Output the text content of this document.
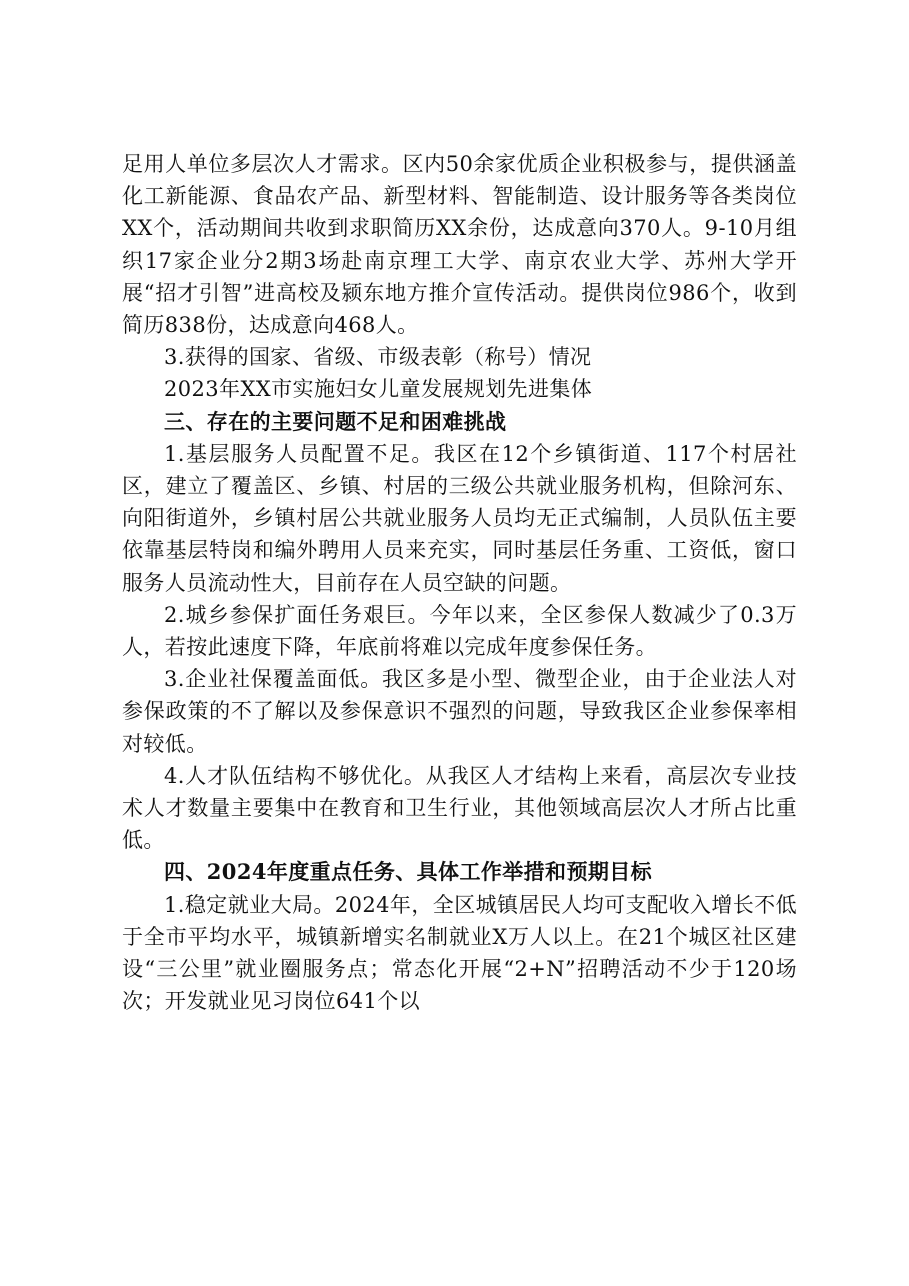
足用人单位多层次人才需求。区内50余家优质企业积极参与，提供涵盖化工新能源、食品农产品、新型材料、智能制造、设计服务等各类岗位XX个，活动期间共收到求职简历XX余份，达成意向370人。9-10月组织17家企业分2期3场赴南京理工大学、南京农业大学、苏州大学开展“招才引智”进高校及颍东地方推介宣传活动。提供岗位986个，收到简历838份，达成意向468人。

3.获得的国家、省级、市级表彰（称号）情况

2023年XX市实施妇女儿童发展规划先进集体

三、存在的主要问题不足和困难挑战

1.基层服务人员配置不足。我区在12个乡镇街道、117个村居社区，建立了覆盖区、乡镇、村居的三级公共就业服务机构，但除河东、向阳街道外，乡镇村居公共就业服务人员均无正式编制，人员队伍主要依靠基层特岗和编外聘用人员来充实，同时基层任务重、工资低，窗口服务人员流动性大，目前存在人员空缺的问题。

2.城乡参保扩面任务艰巨。今年以来，全区参保人数减少了0.3万人，若按此速度下降，年底前将难以完成年度参保任务。

3.企业社保覆盖面低。我区多是小型、微型企业，由于企业法人对参保政策的不了解以及参保意识不强烈的问题，导致我区企业参保率相对较低。

4.人才队伍结构不够优化。从我区人才结构上来看，高层次专业技术人才数量主要集中在教育和卫生行业，其他领域高层次人才所占比重低。

四、2024年度重点任务、具体工作举措和预期目标

1.稳定就业大局。2024年，全区城镇居民人均可支配收入增长不低于全市平均水平，城镇新增实名制就业X万人以上。在21个城区社区建设“三公里”就业圈服务点；常态化开展“2+N”招聘活动不少于120场次；开发就业见习岗位641个以
